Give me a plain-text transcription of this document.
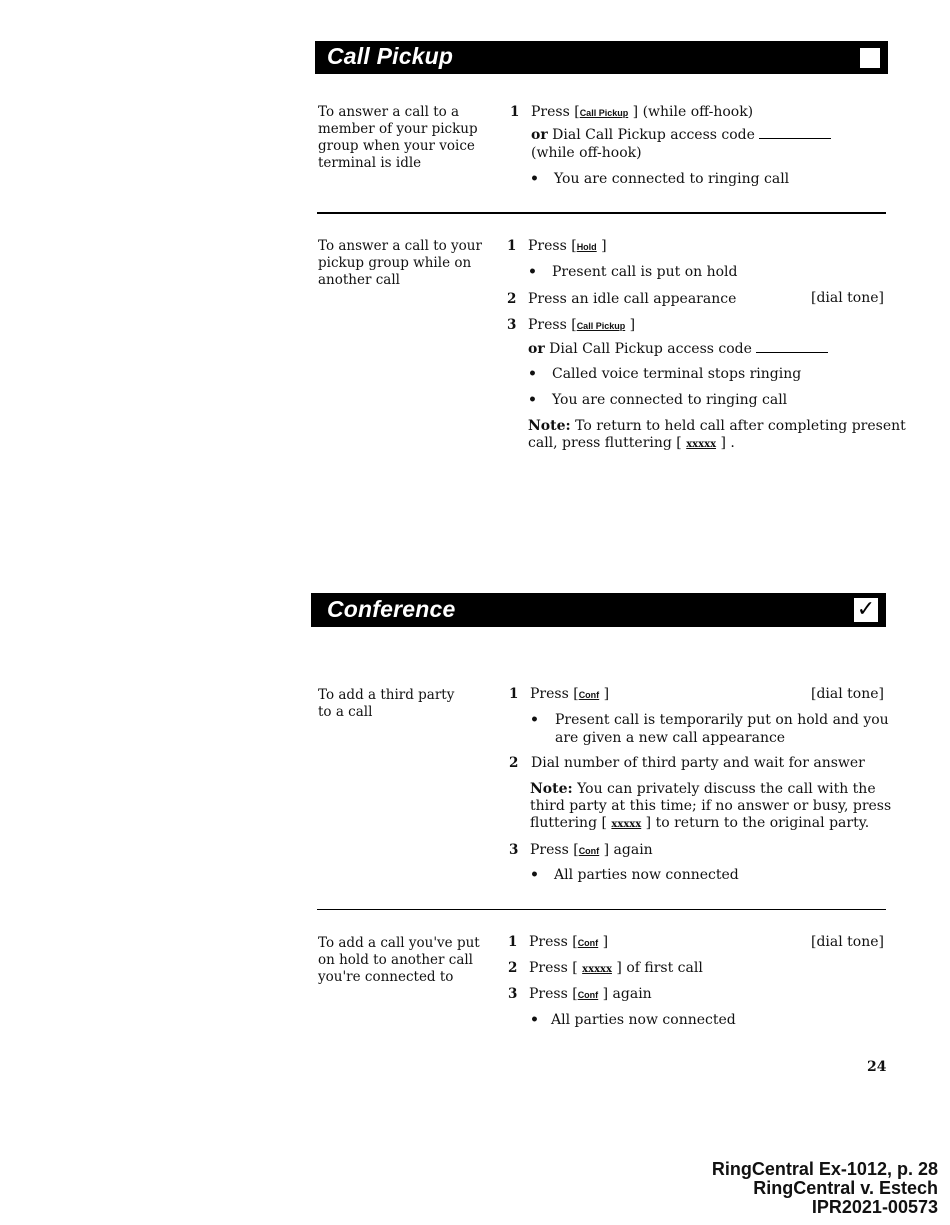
Call Pickup
To answer a call to a member of your pickup group when your voice terminal is idle
1 Press [Call Pickup ] (while off-hook)
or Dial Call Pickup access code
(while off-hook)
• You are connected to ringing call
To answer a call to your pickup group while on another call
1 Press [Hold ]
• Present call is put on hold
2 Press an idle call appearance	[dial tone]
3 Press [Call Pickup ]
or Dial Call Pickup access code
• Called voice terminal stops ringing
• You are connected to ringing call
Note: To return to held call after completing present
call, press fluttering [ xxxxx ] .
Conference	✓
To add a third party to a call
1 Press [Conf ]	[dial tone]
• Present call is temporarily put on hold and you
are given a new call appearance
2 Dial number of third party and wait for answer
Note: You can privately discuss the call with the
third party at this time; if no answer or busy, press
fluttering [ xxxxx ] to return to the original party.
3 Press [Conf ] again
• All parties now connected
To add a call you've put on hold to another call you're connected to
1 Press [Conf ]	[dial tone]
2 Press [ xxxxx ] of first call
3 Press [Conf ] again
• All parties now connected
24
RingCentral Ex-1012, p. 28
RingCentral v. Estech
IPR2021-00573
